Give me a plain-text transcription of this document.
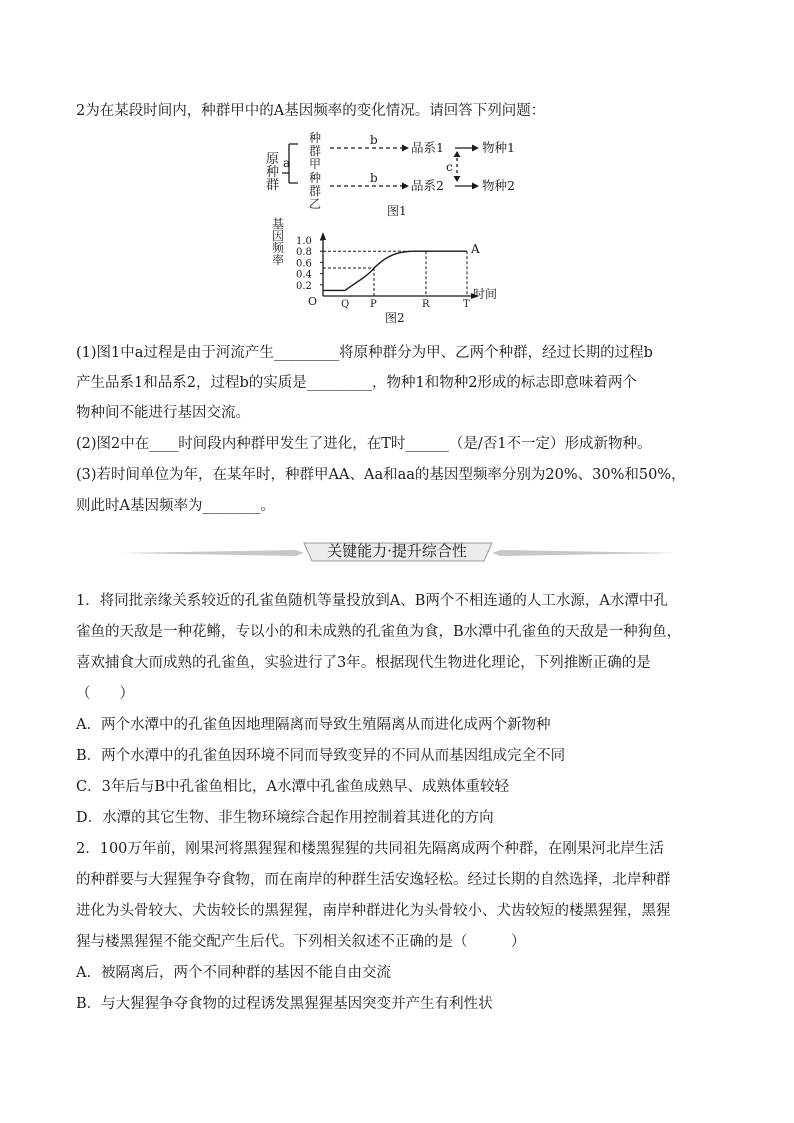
2为在某段时间内，种群甲中的A基因频率的变化情况。请回答下列问题：
原
种
群
a
种
群
甲
种
群
乙
b
b
品系1
品系2
c
物种1
物种2
图1
基
因
频
率
时间
O
0.2
0.4
0.6
0.8
1.0
Q P	R	T
A
图2
(1)图1中a过程是由于河流产生_________将原种群分为甲、乙两个种群，经过长期的过程b
产生品系1和品系2，过程b的实质是_________，物种1和物种2形成的标志即意味着两个
物种间不能进行基因交流。
(2)图2中在____时间段内种群甲发生了进化，在T时______（是/否1不一定）形成新物种。
(3)若时间单位为年，在某年时，种群甲AA、Aa和aa的基因型频率分别为20%、30%和50%，
则此时A基因频率为________。
关键能力·提升综合性
1．将同批亲缘关系较近的孔雀鱼随机等量投放到A、B两个不相连通的人工水源，A水潭中孔
雀鱼的天敌是一种花鳉，专以小的和未成熟的孔雀鱼为食，B水潭中孔雀鱼的天敌是一种狗鱼，
喜欢捕食大而成熟的孔雀鱼，实验进行了3年。根据现代生物进化理论，下列推断正确的是
（　　）
A．两个水潭中的孔雀鱼因地理隔离而导致生殖隔离从而进化成两个新物种
B．两个水潭中的孔雀鱼因环境不同而导致变异的不同从而基因组成完全不同
C．3年后与B中孔雀鱼相比，A水潭中孔雀鱼成熟早、成熟体重较轻
D．水潭的其它生物、非生物环境综合起作用控制着其进化的方向
2．100万年前，刚果河将黑猩猩和楼黑猩猩的共同祖先隔离成两个种群，在刚果河北岸生活
的种群要与大猩猩争夺食物，而在南岸的种群生活安逸轻松。经过长期的自然选择，北岸种群
进化为头骨较大、犬齿较长的黑猩猩，南岸种群进化为头骨较小、犬齿较短的楼黑猩猩，黑猩
猩与楼黑猩猩不能交配产生后代。下列相关叙述不正确的是（　　　）
A．被隔离后，两个不同种群的基因不能自由交流
B．与大猩猩争夺食物的过程诱发黑猩猩基因突变并产生有利性状
